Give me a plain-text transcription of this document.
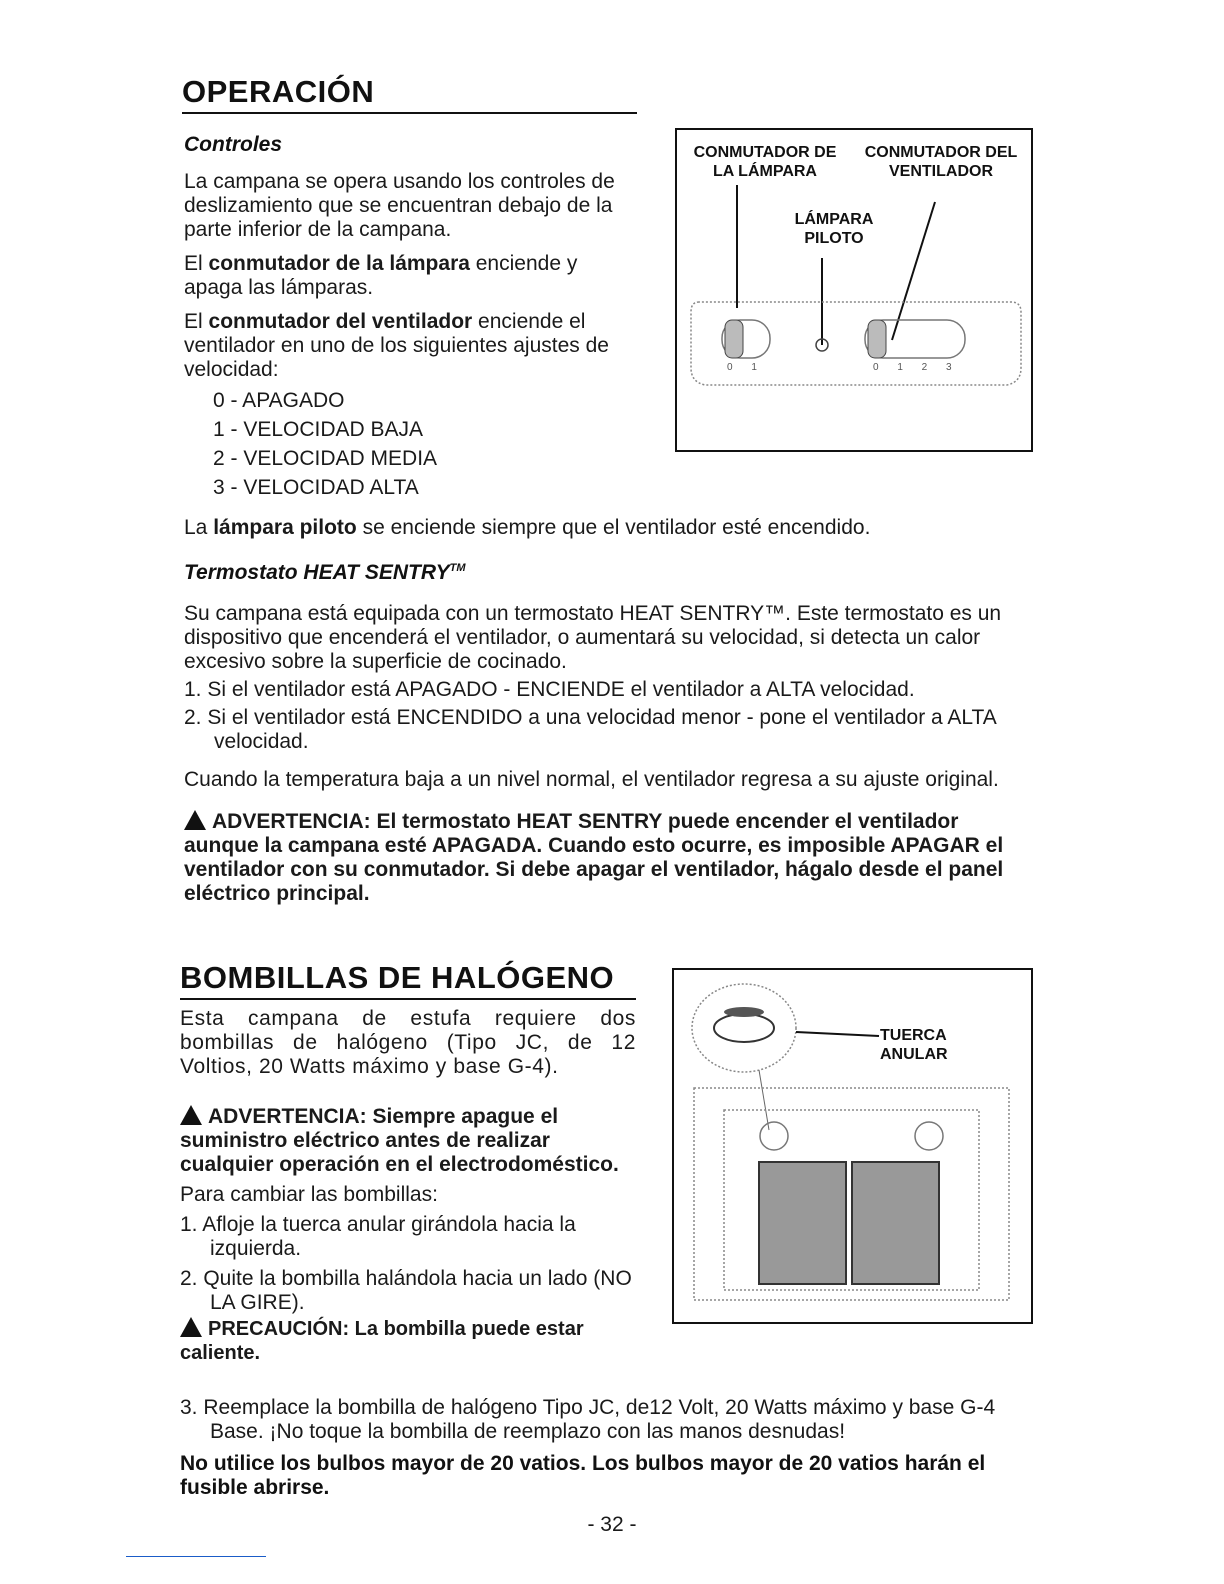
OPERACIÓN
Controles
La campana se opera usando los controles de deslizamiento que se encuentran debajo de la parte inferior de la campana.
El conmutador de la lámpara enciende y apaga las lámparas.
El conmutador del ventilador enciende el ventilador en uno de los siguientes ajustes de velocidad:
0 - APAGADO
1 - VELOCIDAD BAJA
2 - VELOCIDAD MEDIA
3 - VELOCIDAD ALTA
CONMUTADOR DE LA LÁMPARA
CONMUTADOR DEL VENTILADOR
LÁMPARA PILOTO
0 1	0 1 2 3
La lámpara piloto se enciende siempre que el ventilador esté encendido.
Termostato HEAT SENTRY™
Su campana está equipada con un termostato HEAT SENTRY™. Este termostato es un dispositivo que encenderá el ventilador, o aumentará su velocidad, si detecta un calor excesivo sobre la superficie de cocinado.
1. Si el ventilador está APAGADO - ENCIENDE el ventilador a ALTA velocidad.
2. Si el ventilador está ENCENDIDO a una velocidad menor - pone el ventilador a ALTA velocidad.
Cuando la temperatura baja a un nivel normal, el ventilador regresa a su ajuste original.
ADVERTENCIA: El termostato HEAT SENTRY puede encender el ventilador aunque la campana esté APAGADA. Cuando esto ocurre, es imposible APAGAR el ventilador con su conmutador. Si debe apagar el ventilador, hágalo desde el panel eléctrico principal.
BOMBILLAS DE HALÓGENO
Esta campana de estufa requiere dos bombillas de halógeno (Tipo JC, de 12 Voltios, 20 Watts máximo y base G-4).
ADVERTENCIA: Siempre apague el suministro eléctrico antes de realizar cualquier operación en el electrodoméstico.
Para cambiar las bombillas:
1. Afloje la tuerca anular girándola hacia la izquierda.
2. Quite la bombilla halándola hacia un lado (NO LA GIRE).
PRECAUCIÓN: La bombilla puede estar caliente.
TUERCA ANULAR
3. Reemplace la bombilla de halógeno Tipo JC, de12 Volt, 20 Watts máximo y base G-4 Base. ¡No toque la bombilla de reemplazo con las manos desnudas!
No utilice los bulbos mayor de 20 vatios. Los bulbos mayor de 20 vatios harán el fusible abrirse.
- 32 -
